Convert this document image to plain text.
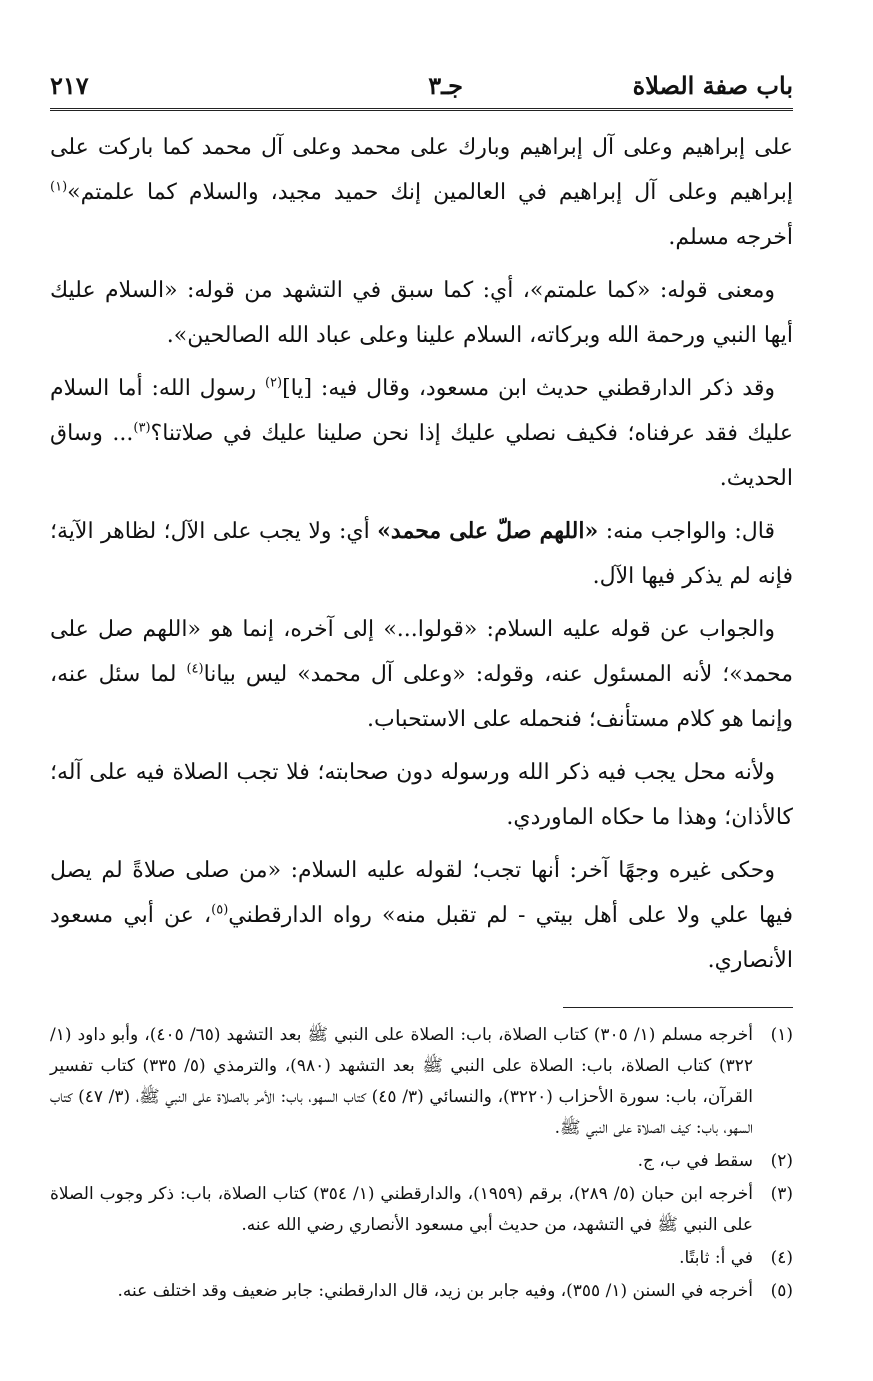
باب صفة الصلاة
جـ٣
٢١٧

على إبراهيم وعلى آل إبراهيم وبارك على محمد وعلى آل محمد كما باركت على إبراهيم وعلى آل إبراهيم في العالمين إنك حميد مجيد، والسلام كما علمتم»$^{(١)}$ أخرجه مسلم.

ومعنى قوله: «كما علمتم»، أي: كما سبق في التشهد من قوله: «السلام عليك أيها النبي ورحمة الله وبركاته، السلام علينا وعلى عباد الله الصالحين».

وقد ذكر الدارقطني حديث ابن مسعود، وقال فيه: [يا]$^{(٢)}$ رسول الله: أما السلام عليك فقد عرفناه؛ فكيف نصلي عليك إذا نحن صلينا عليك في صلاتنا؟$^{(٣)}$... وساق الحديث.

قال: والواجب منه: «اللهم صلّ على محمد» أي: ولا يجب على الآل؛ لظاهر الآية؛ فإنه لم يذكر فيها الآل.

والجواب عن قوله عليه السلام: «قولوا...» إلى آخره، إنما هو «اللهم صل على محمد»؛ لأنه المسئول عنه، وقوله: «وعلى آل محمد» ليس بيانا$^{(٤)}$ لما سئل عنه، وإنما هو كلام مستأنف؛ فنحمله على الاستحباب.

ولأنه محل يجب فيه ذكر الله ورسوله دون صحابته؛ فلا تجب الصلاة فيه على آله؛ كالأذان؛ وهذا ما حكاه الماوردي.

وحكى غيره وجهًا آخر: أنها تجب؛ لقوله عليه السلام: «من صلى صلاةً لم يصل فيها علي ولا على أهل بيتي - لم تقبل منه» رواه الدارقطني$^{(٥)}$، عن أبي مسعود الأنصاري.

(١)
أخرجه مسلم (١/ ٣٠٥) كتاب الصلاة، باب: الصلاة على النبي ﷺ بعد التشهد (٦٥/ ٤٠٥)، وأبو داود (١/ ٣٢٢) كتاب الصلاة، باب: الصلاة على النبي ﷺ بعد التشهد (٩٨٠)، والترمذي (٥/ ٣٣٥) كتاب تفسير القرآن، باب: سورة الأحزاب (٣٢٢٠)، والنسائي (٣/ ٤٥) كتاب السهو، باب: الأمر بالصلاة على النبي ﷺ، (٣/ ٤٧) كتاب السهو، باب: كيف الصلاة على النبي ﷺ.
(٢)
سقط في ب، ج.
(٣)
أخرجه ابن حبان (٥/ ٢٨٩)، برقم (١٩٥٩)، والدارقطني (١/ ٣٥٤) كتاب الصلاة، باب: ذكر وجوب الصلاة على النبي ﷺ في التشهد، من حديث أبي مسعود الأنصاري رضي الله عنه.
(٤)
في أ: ثابتًا.
(٥)
أخرجه في السنن (١/ ٣٥٥)، وفيه جابر بن زيد، قال الدارقطني: جابر ضعيف وقد اختلف عنه.
